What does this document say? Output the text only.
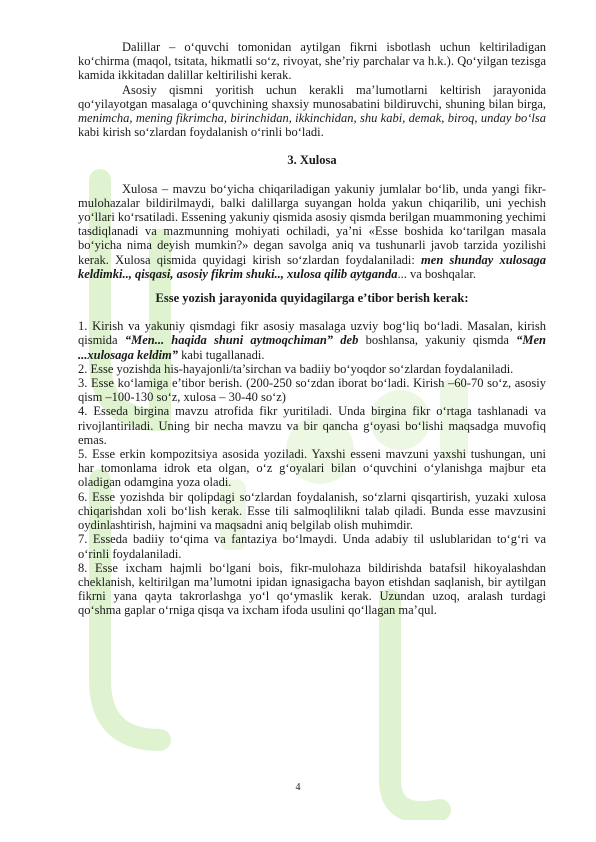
Dalillar – o‘quvchi tomonidan aytilgan fikrni isbotlash uchun keltiriladigan ko‘chirma (maqol, tsitata, hikmatli so‘z, rivoyat, she’riy parchalar va h.k.). Qo‘yilgan tezisga kamida ikkitadan dalillar keltirilishi kerak.

Asosiy qismni yoritish uchun kerakli ma’lumotlarni keltirish jarayonida qo‘yilayotgan masalaga o‘quvchining shaxsiy munosabatini bildiruvchi, shuning bilan birga, menimcha, mening fikrimcha, birinchidan, ikkinchidan, shu kabi, demak, biroq, unday bo‘lsa kabi kirish so‘zlardan foydalanish o‘rinli bo‘ladi.

3. Xulosa

Xulosa – mavzu bo‘yicha chiqariladigan yakuniy jumlalar bo‘lib, unda yangi fikr-mulohazalar bildirilmaydi, balki dalillarga suyangan holda yakun chiqarilib, uni yechish yo‘llari ko‘rsatiladi. Essening yakuniy qismida asosiy qismda berilgan muammoning yechimi tasdiqlanadi va mazmunning mohiyati ochiladi, ya’ni «Esse boshida ko‘tarilgan masala bo‘yicha nima deyish mumkin?» degan savolga aniq va tushunarli javob tarzida yozilishi kerak. Xulosa qismida quyidagi kirish so‘zlardan foydalaniladi: men shunday xulosaga keldimki.., qisqasi, asosiy fikrim shuki.., xulosa qilib aytganda... va boshqalar.

Esse yozish jarayonida quyidagilarga e’tibor berish kerak:

1. Kirish va yakuniy qismdagi fikr asosiy masalaga uzviy bog‘liq bo‘ladi. Masalan, kirish qismida “Men... haqida shuni aytmoqchiman” deb boshlansa, yakuniy qismda “Men ...xulosaga keldim” kabi tugallanadi.

2. Esse yozishda his-hayajonli/ta’sirchan va badiiy bo‘yoqdor so‘zlardan foydalaniladi.

3. Esse ko‘lamiga e’tibor berish. (200-250 so‘zdan iborat bo‘ladi. Kirish –60-70 so‘z, asosiy qism –100-130 so‘z, xulosa – 30-40 so‘z)

4. Esseda birgina mavzu atrofida fikr yuritiladi. Unda birgina fikr o‘rtaga tashlanadi va rivojlantiriladi. Uning bir necha mavzu va bir qancha g‘oyasi bo‘lishi maqsadga muvofiq emas.

5. Esse erkin kompozitsiya asosida yoziladi. Yaxshi esseni mavzuni yaxshi tushungan, uni har tomonlama idrok eta olgan, o‘z g‘oyalari bilan o‘quvchini o‘ylanishga majbur eta oladigan odamgina yoza oladi.

6. Esse yozishda bir qolipdagi so‘zlardan foydalanish, so‘zlarni qisqartirish, yuzaki xulosa chiqarishdan xoli bo‘lish kerak. Esse tili salmoqlilikni talab qiladi. Bunda esse mavzusini oydinlashtirish, hajmini va maqsadni aniq belgilab olish muhimdir.

7. Esseda badiiy to‘qima va fantaziya bo‘lmaydi. Unda adabiy til uslublaridan to‘g‘ri va o‘rinli foydalaniladi.

8. Esse ixcham hajmli bo‘lgani bois, fikr-mulohaza bildirishda batafsil hikoyalashdan cheklanish, keltirilgan ma’lumotni ipidan ignasigacha bayon etishdan saqlanish, bir aytilgan fikrni yana qayta takrorlashga yo‘l qo‘ymaslik kerak. Uzundan uzoq, aralash turdagi qo‘shma gaplar o‘rniga qisqa va ixcham ifoda usulini qo‘llagan ma’qul.

4
